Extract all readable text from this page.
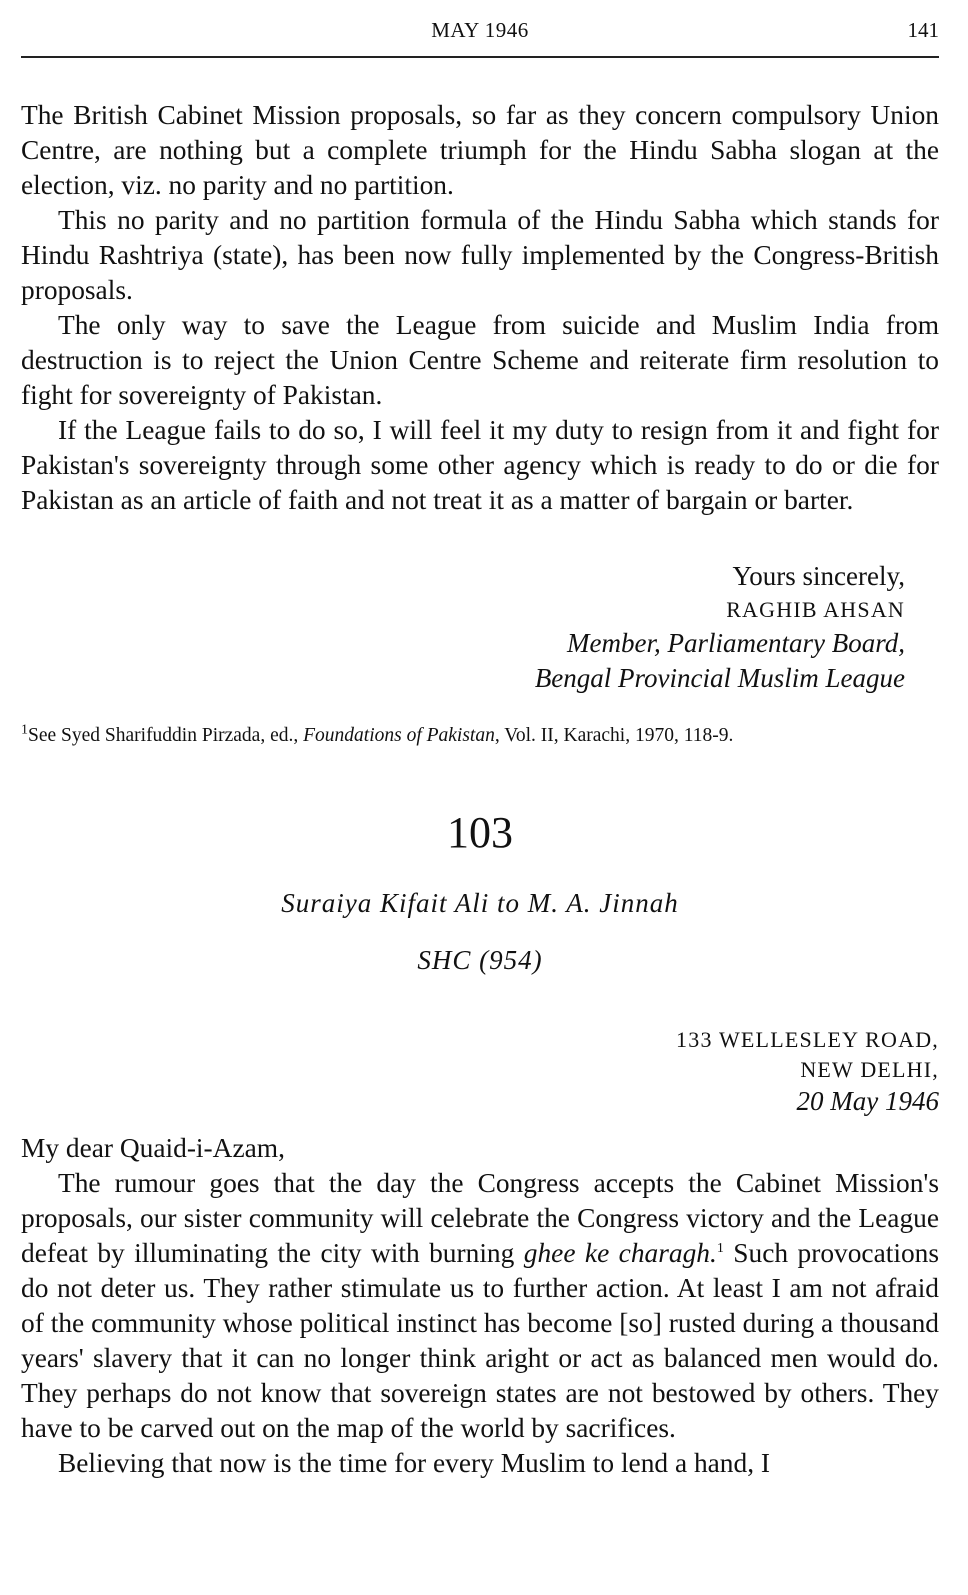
MAY 1946	141

The British Cabinet Mission proposals, so far as they concern compulsory Union Centre, are nothing but a complete triumph for the Hindu Sabha slogan at the election, viz. no parity and no partition.

This no parity and no partition formula of the Hindu Sabha which stands for Hindu Rashtriya (state), has been now fully implemented by the Congress-British proposals.

The only way to save the League from suicide and Muslim India from destruction is to reject the Union Centre Scheme and reiterate firm resolution to fight for sovereignty of Pakistan.

If the League fails to do so, I will feel it my duty to resign from it and fight for Pakistan's sovereignty through some other agency which is ready to do or die for Pakistan as an article of faith and not treat it as a matter of bargain or barter.

Yours sincerely,
RAGHIB AHSAN
Member, Parliamentary Board,
Bengal Provincial Muslim League
$^1$See Syed Sharifuddin Pirzada, ed., Foundations of Pakistan, Vol. II, Karachi, 1970, 118-9.
103
Suraiya Kifait Ali to M. A. Jinnah
SHC (954)
133 WELLESLEY ROAD,
NEW DELHI,
20 May 1946

My dear Quaid-i-Azam,

The rumour goes that the day the Congress accepts the Cabinet Mission's proposals, our sister community will celebrate the Congress victory and the League defeat by illuminating the city with burning ghee ke charagh.$^1$ Such provocations do not deter us. They rather stimulate us to further action. At least I am not afraid of the community whose political instinct has become [so] rusted during a thousand years' slavery that it can no longer think aright or act as balanced men would do. They perhaps do not know that sovereign states are not bestowed by others. They have to be carved out on the map of the world by sacrifices.

Believing that now is the time for every Muslim to lend a hand, I
